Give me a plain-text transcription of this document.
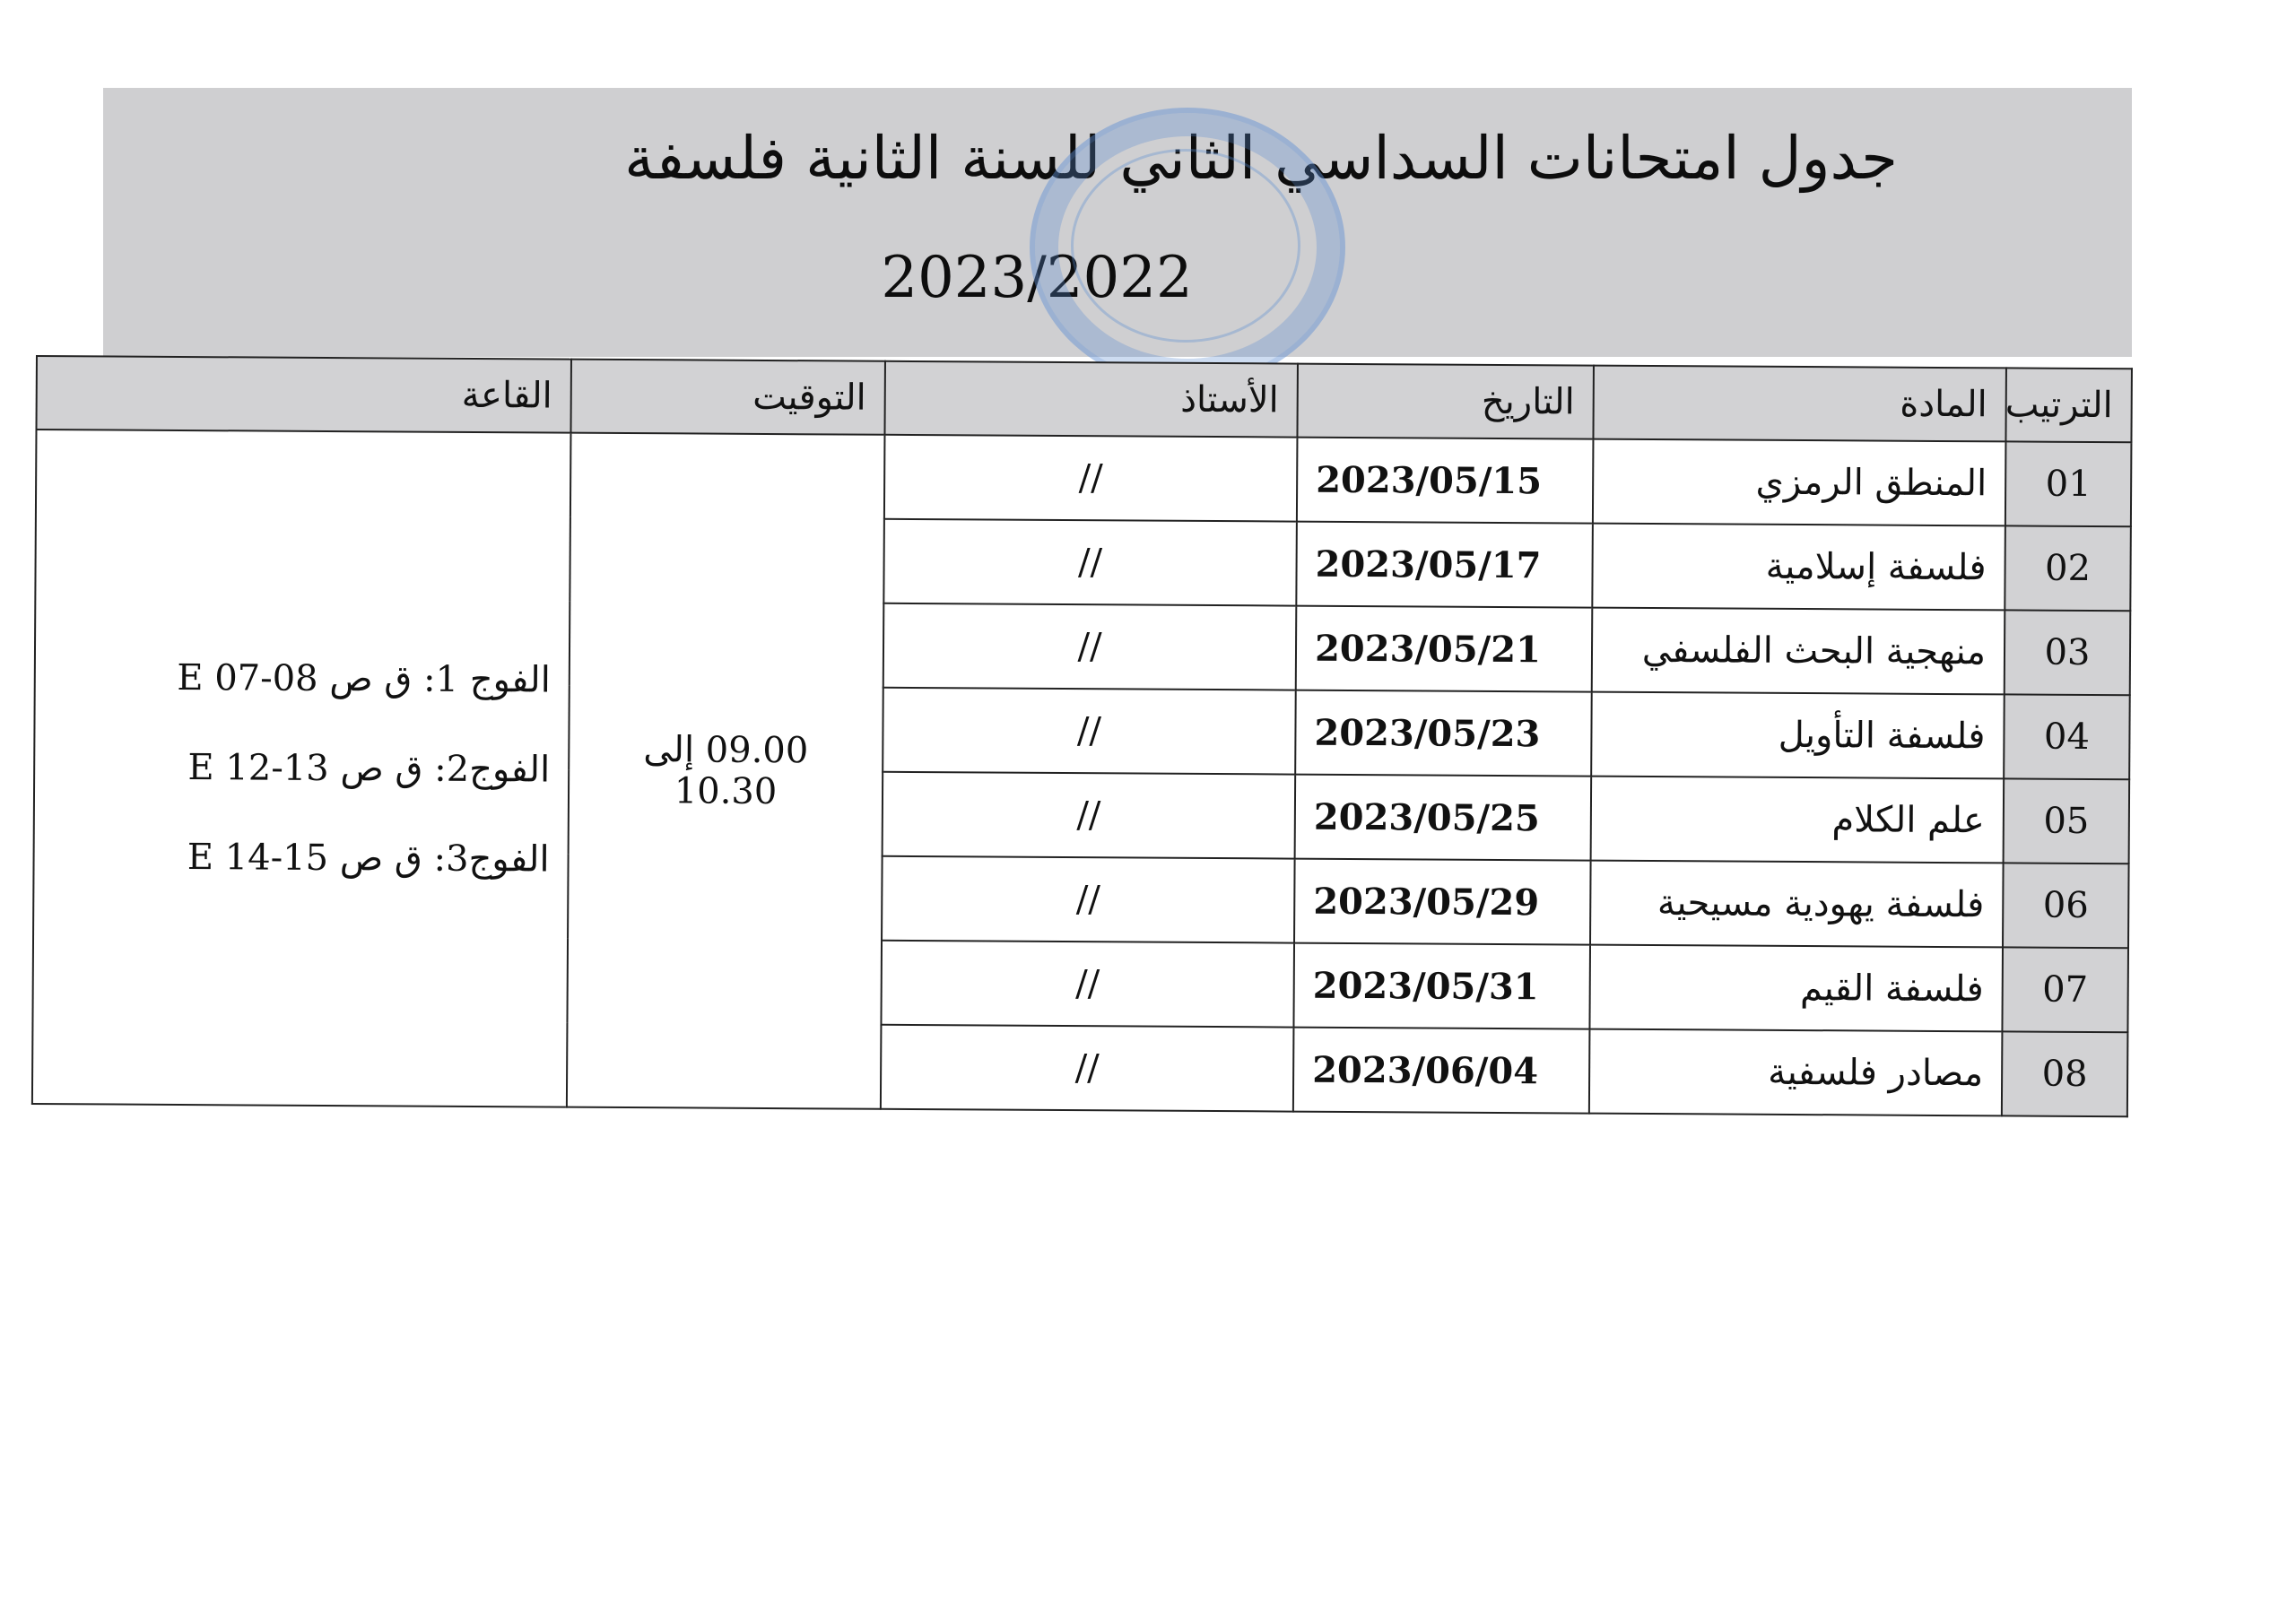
جدول امتحانات السداسي الثاني للسنة الثانية فلسفة
2023/2022
الترتيب	المادة	التاريخ	الأستاذ	التوقيت	القاعة
01	المنطق الرمزي	2023/05/15	//	09.00 إلى 10.30	الفوج 1: ق ص 08-07 E
الفوج2: ق ص 13-12 E
الفوج3: ق ص 15-14 E

02	فلسفة إسلامية	2023/05/17	//		
03	منهجية البحث الفلسفي	2023/05/21	//		
04	فلسفة التأويل	2023/05/23	//		
05	علم الكلام	2023/05/25	//		
06	فلسفة يهودية مسيحية	2023/05/29	//		
07	فلسفة القيم	2023/05/31	//		
08	مصادر فلسفية	2023/06/04	//		
